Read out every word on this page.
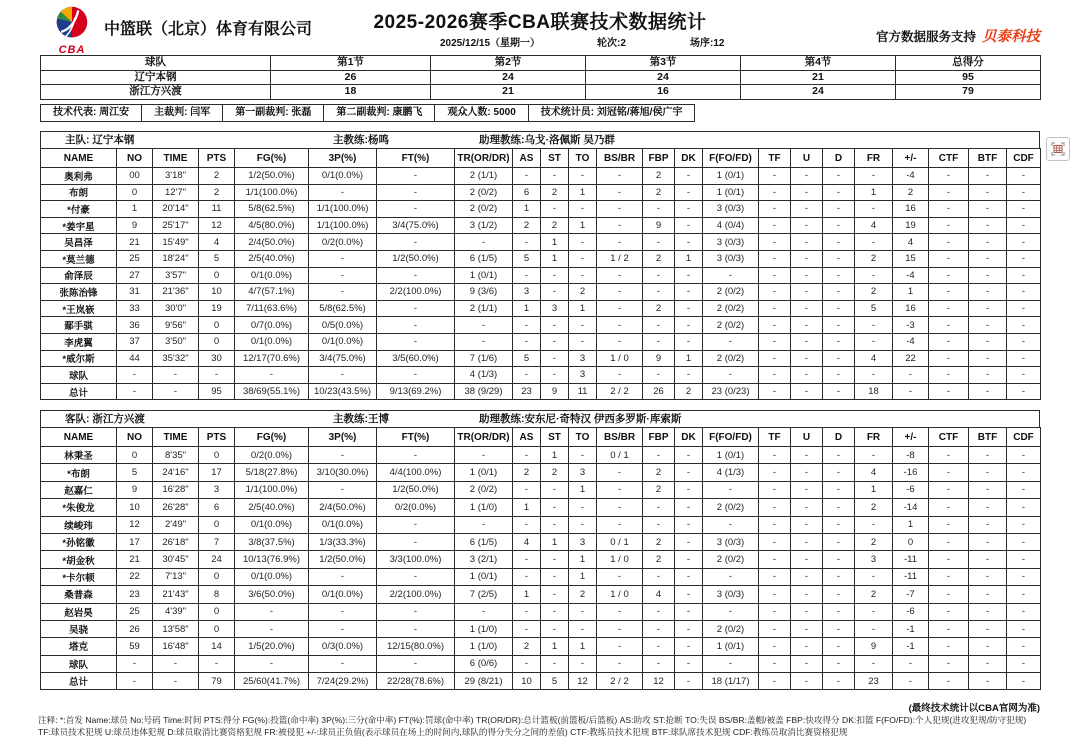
CBA
中篮联（北京）体育有限公司	2025-2026赛季CBA联赛技术数据统计
2025/12/15（星期一）	轮次:2	场序:12	官方数据服务支持 贝泰科技
球队	第1节	第2节	第3节	第4节	总得分
辽宁本钢	26	24	24	21	95
浙江方兴渡	18	21	16	24	79
技术代表: 周江安	主裁判: 闫军	第一副裁判: 张磊	第二副裁判: 康鹏飞	观众人数: 5000	技术统计员: 刘冠铭/蒋旭/侯广宇
主队: 辽宁本钢	主教练:杨鸣	助理教练:乌戈·洛佩斯 吴乃群
NAME	NO	TIME	PTS	FG(%)	3P(%)	FT(%)	TR(OR/DR)	AS	ST	TO	BS/BR	FBP	DK	F(FO/FD)	TF	U	D	FR	+/-	CTF	BTF	CDF
奥利弗	00	3'18"	2	1/2(50.0%)	0/1(0.0%)	-	2 (1/1)	-	-	-	-	2	-	1 (0/1)	-	-	-	-	-4	-	-	-
布朗	0	12'7"	2	1/1(100.0%)	-	-	2 (0/2)	6	2	1	-	2	-	1 (0/1)	-	-	-	1	2	-	-	-
*付豪	1	20'14"	11	5/8(62.5%)	1/1(100.0%)	-	2 (0/2)	1	-	-	-	-	-	3 (0/3)	-	-	-	-	16	-	-	-
*姜宇星	9	25'17"	12	4/5(80.0%)	1/1(100.0%)	3/4(75.0%)	3 (1/2)	2	2	1	-	9	-	4 (0/4)	-	-	-	4	19	-	-	-
吴昌泽	21	15'49"	4	2/4(50.0%)	0/2(0.0%)	-	-	-	1	-	-	-	-	3 (0/3)	-	-	-	-	4	-	-	-
*莫兰德	25	18'24"	5	2/5(40.0%)	-	1/2(50.0%)	6 (1/5)	5	1	-	1 / 2	2	1	3 (0/3)	-	-	-	2	15	-	-	-
俞泽辰	27	3'57"	0	0/1(0.0%)	-	-	1 (0/1)	-	-	-	-	-	-	-	-	-	-	-	-4	-	-	-
张陈治锋	31	21'36"	10	4/7(57.1%)	-	2/2(100.0%)	9 (3/6)	3	-	2	-	-	-	2 (0/2)	-	-	-	2	1	-	-	-
*王岚嵚	33	30'0"	19	7/11(63.6%)	5/8(62.5%)	-	2 (1/1)	1	3	1	-	2	-	2 (0/2)	-	-	-	5	16	-	-	-
鄢手骐	36	9'56"	0	0/7(0.0%)	0/5(0.0%)	-	-	-	-	-	-	-	-	2 (0/2)	-	-	-	-	-3	-	-	-
李虎翼	37	3'50"	0	0/1(0.0%)	0/1(0.0%)	-	-	-	-	-	-	-	-	-	-	-	-	-	-4	-	-	-
*威尔斯	44	35'32"	30	12/17(70.6%)	3/4(75.0%)	3/5(60.0%)	7 (1/6)	5	-	3	1 / 0	9	1	2 (0/2)	-	-	-	4	22	-	-	-
球队	-	-	-	-	-	-	4 (1/3)	-	-	3	-	-	-	-	-	-	-	-	-	-	-	-
总计	-	-	95	38/69(55.1%)	10/23(43.5%)	9/13(69.2%)	38 (9/29)	23	9	11	2 / 2	26	2	23 (0/23)	-	-	-	18	-	-	-	-
客队: 浙江方兴渡	主教练:王博	助理教练:安东尼·奇特汉 伊西多罗斯·库索斯
NAME	NO	TIME	PTS	FG(%)	3P(%)	FT(%)	TR(OR/DR)	AS	ST	TO	BS/BR	FBP	DK	F(FO/FD)	TF	U	D	FR	+/-	CTF	BTF	CDF
林秉圣	0	8'35"	0	0/2(0.0%)	-	-	-	-	1	-	0 / 1	-	-	1 (0/1)	-	-	-	-	-8	-	-	-
*布朗	5	24'16"	17	5/18(27.8%)	3/10(30.0%)	4/4(100.0%)	1 (0/1)	2	2	3	-	2	-	4 (1/3)	-	-	-	4	-16	-	-	-
赵嘉仁	9	16'28"	3	1/1(100.0%)	-	1/2(50.0%)	2 (0/2)	-	-	1	-	2	-	-	-	-	-	1	-6	-	-	-
*朱俊龙	10	26'28"	6	2/5(40.0%)	2/4(50.0%)	0/2(0.0%)	1 (1/0)	1	-	-	-	-	-	2 (0/2)	-	-	-	2	-14	-	-	-
续峻玮	12	2'49"	0	0/1(0.0%)	0/1(0.0%)	-	-	-	-	-	-	-	-	-	-	-	-	-	1	-	-	-
*孙铭徽	17	26'18"	7	3/8(37.5%)	1/3(33.3%)	-	6 (1/5)	4	1	3	0 / 1	2	-	3 (0/3)	-	-	-	2	0	-	-	-
*胡金秋	21	30'45"	24	10/13(76.9%)	1/2(50.0%)	3/3(100.0%)	3 (2/1)	-	-	1	1 / 0	2	-	2 (0/2)	-	-	-	3	-11	-	-	-
*卡尔顿	22	7'13"	0	0/1(0.0%)	-	-	1 (0/1)	-	-	1	-	-	-	-	-	-	-	-	-11	-	-	-
桑普森	23	21'43"	8	3/6(50.0%)	0/1(0.0%)	2/2(100.0%)	7 (2/5)	1	-	2	1 / 0	4	-	3 (0/3)	-	-	-	2	-7	-	-	-
赵岩昊	25	4'39"	0	-	-	-	-	-	-	-	-	-	-	-	-	-	-	-	-6	-	-	-
吴骁	26	13'58"	0	-	-	-	1 (1/0)	-	-	-	-	-	-	2 (0/2)	-	-	-	-	-1	-	-	-
塔克	59	16'48"	14	1/5(20.0%)	0/3(0.0%)	12/15(80.0%)	1 (1/0)	2	1	1	-	-	-	1 (0/1)	-	-	-	9	-1	-	-	-
球队	-	-	-	-	-	-	6 (0/6)	-	-	-	-	-	-	-	-	-	-	-	-	-	-	-
总计	-	-	79	25/60(41.7%)	7/24(29.2%)	22/28(78.6%)	29 (8/21)	10	5	12	2 / 2	12	-	18 (1/17)	-	-	-	23	-	-	-	-
(最终技术统计以CBA官网为准)
注释: *:首发 Name:球员 No:号码 Time:时间 PTS:得分 FG(%):投篮(命中率) 3P(%):三分(命中率) FT(%):罚球(命中率) TR(OR/DR):总计篮板(前篮板/后篮板) AS:助攻 ST:抢断 TO:失误 BS/BR:盖帽/被盖 FBP:快攻得分 DK:扣篮 F(FO/FD):个人犯规(进攻犯规/防守犯规)
TF:球员技术犯规 U:球员违体犯规 D:球员取消比赛资格犯规 FR:被侵犯 +/-:球员正负值(表示球员在场上的时间内,球队的得分失分之间的差值) CTF:教练员技术犯规 BTF:球队席技术犯规 CDF:教练员取消比赛资格犯规
